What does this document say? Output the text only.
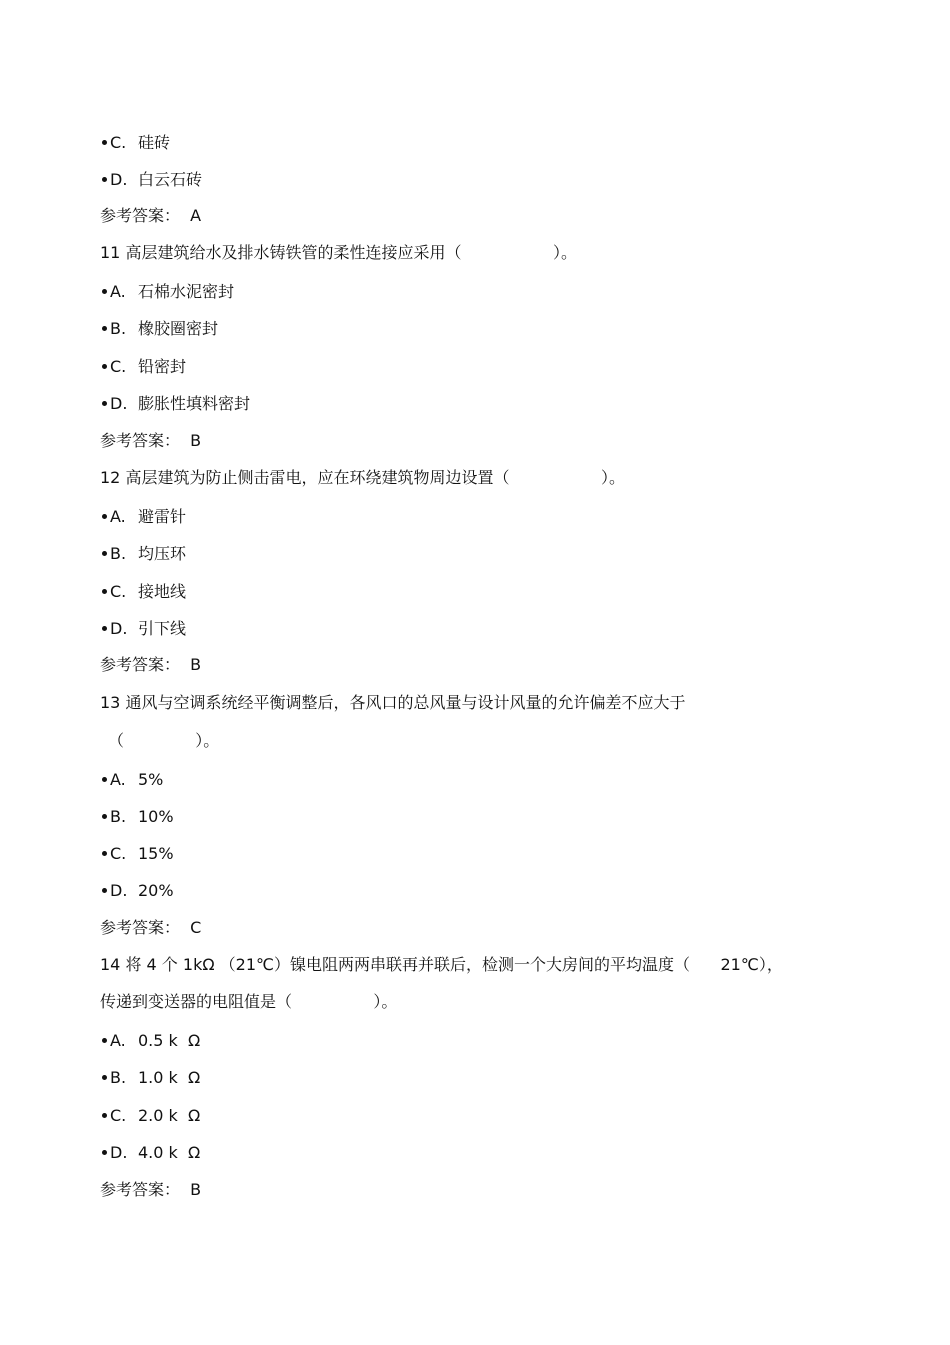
C. 硅砖
D. 白云石砖
参考答案：  A
11 高层建筑给水及排水铸铁管的柔性连接应采用（                  ）。
A. 石棉水泥密封
B. 橡胶圈密封
C. 铅密封
D. 膨胀性填料密封
参考答案：  B
12 高层建筑为防止侧击雷电，应在环绕建筑物周边设置（                  ）。
A. 避雷针
B. 均压环
C. 接地线
D. 引下线
参考答案：  B
13 通风与空调系统经平衡调整后，各风口的总风量与设计风量的允许偏差不应大于
（              ）。
A. 5%
B. 10%
C. 15%
D. 20%
参考答案：  C
14 将 4 个 1kΩ （21℃）镍电阻两两串联再并联后，检测一个大房间的平均温度（      21℃），
传递到变送器的电阻值是（                ）。
A. 0.5 k  Ω
B. 1.0 k  Ω
C. 2.0 k  Ω
D. 4.0 k  Ω
参考答案：  B
